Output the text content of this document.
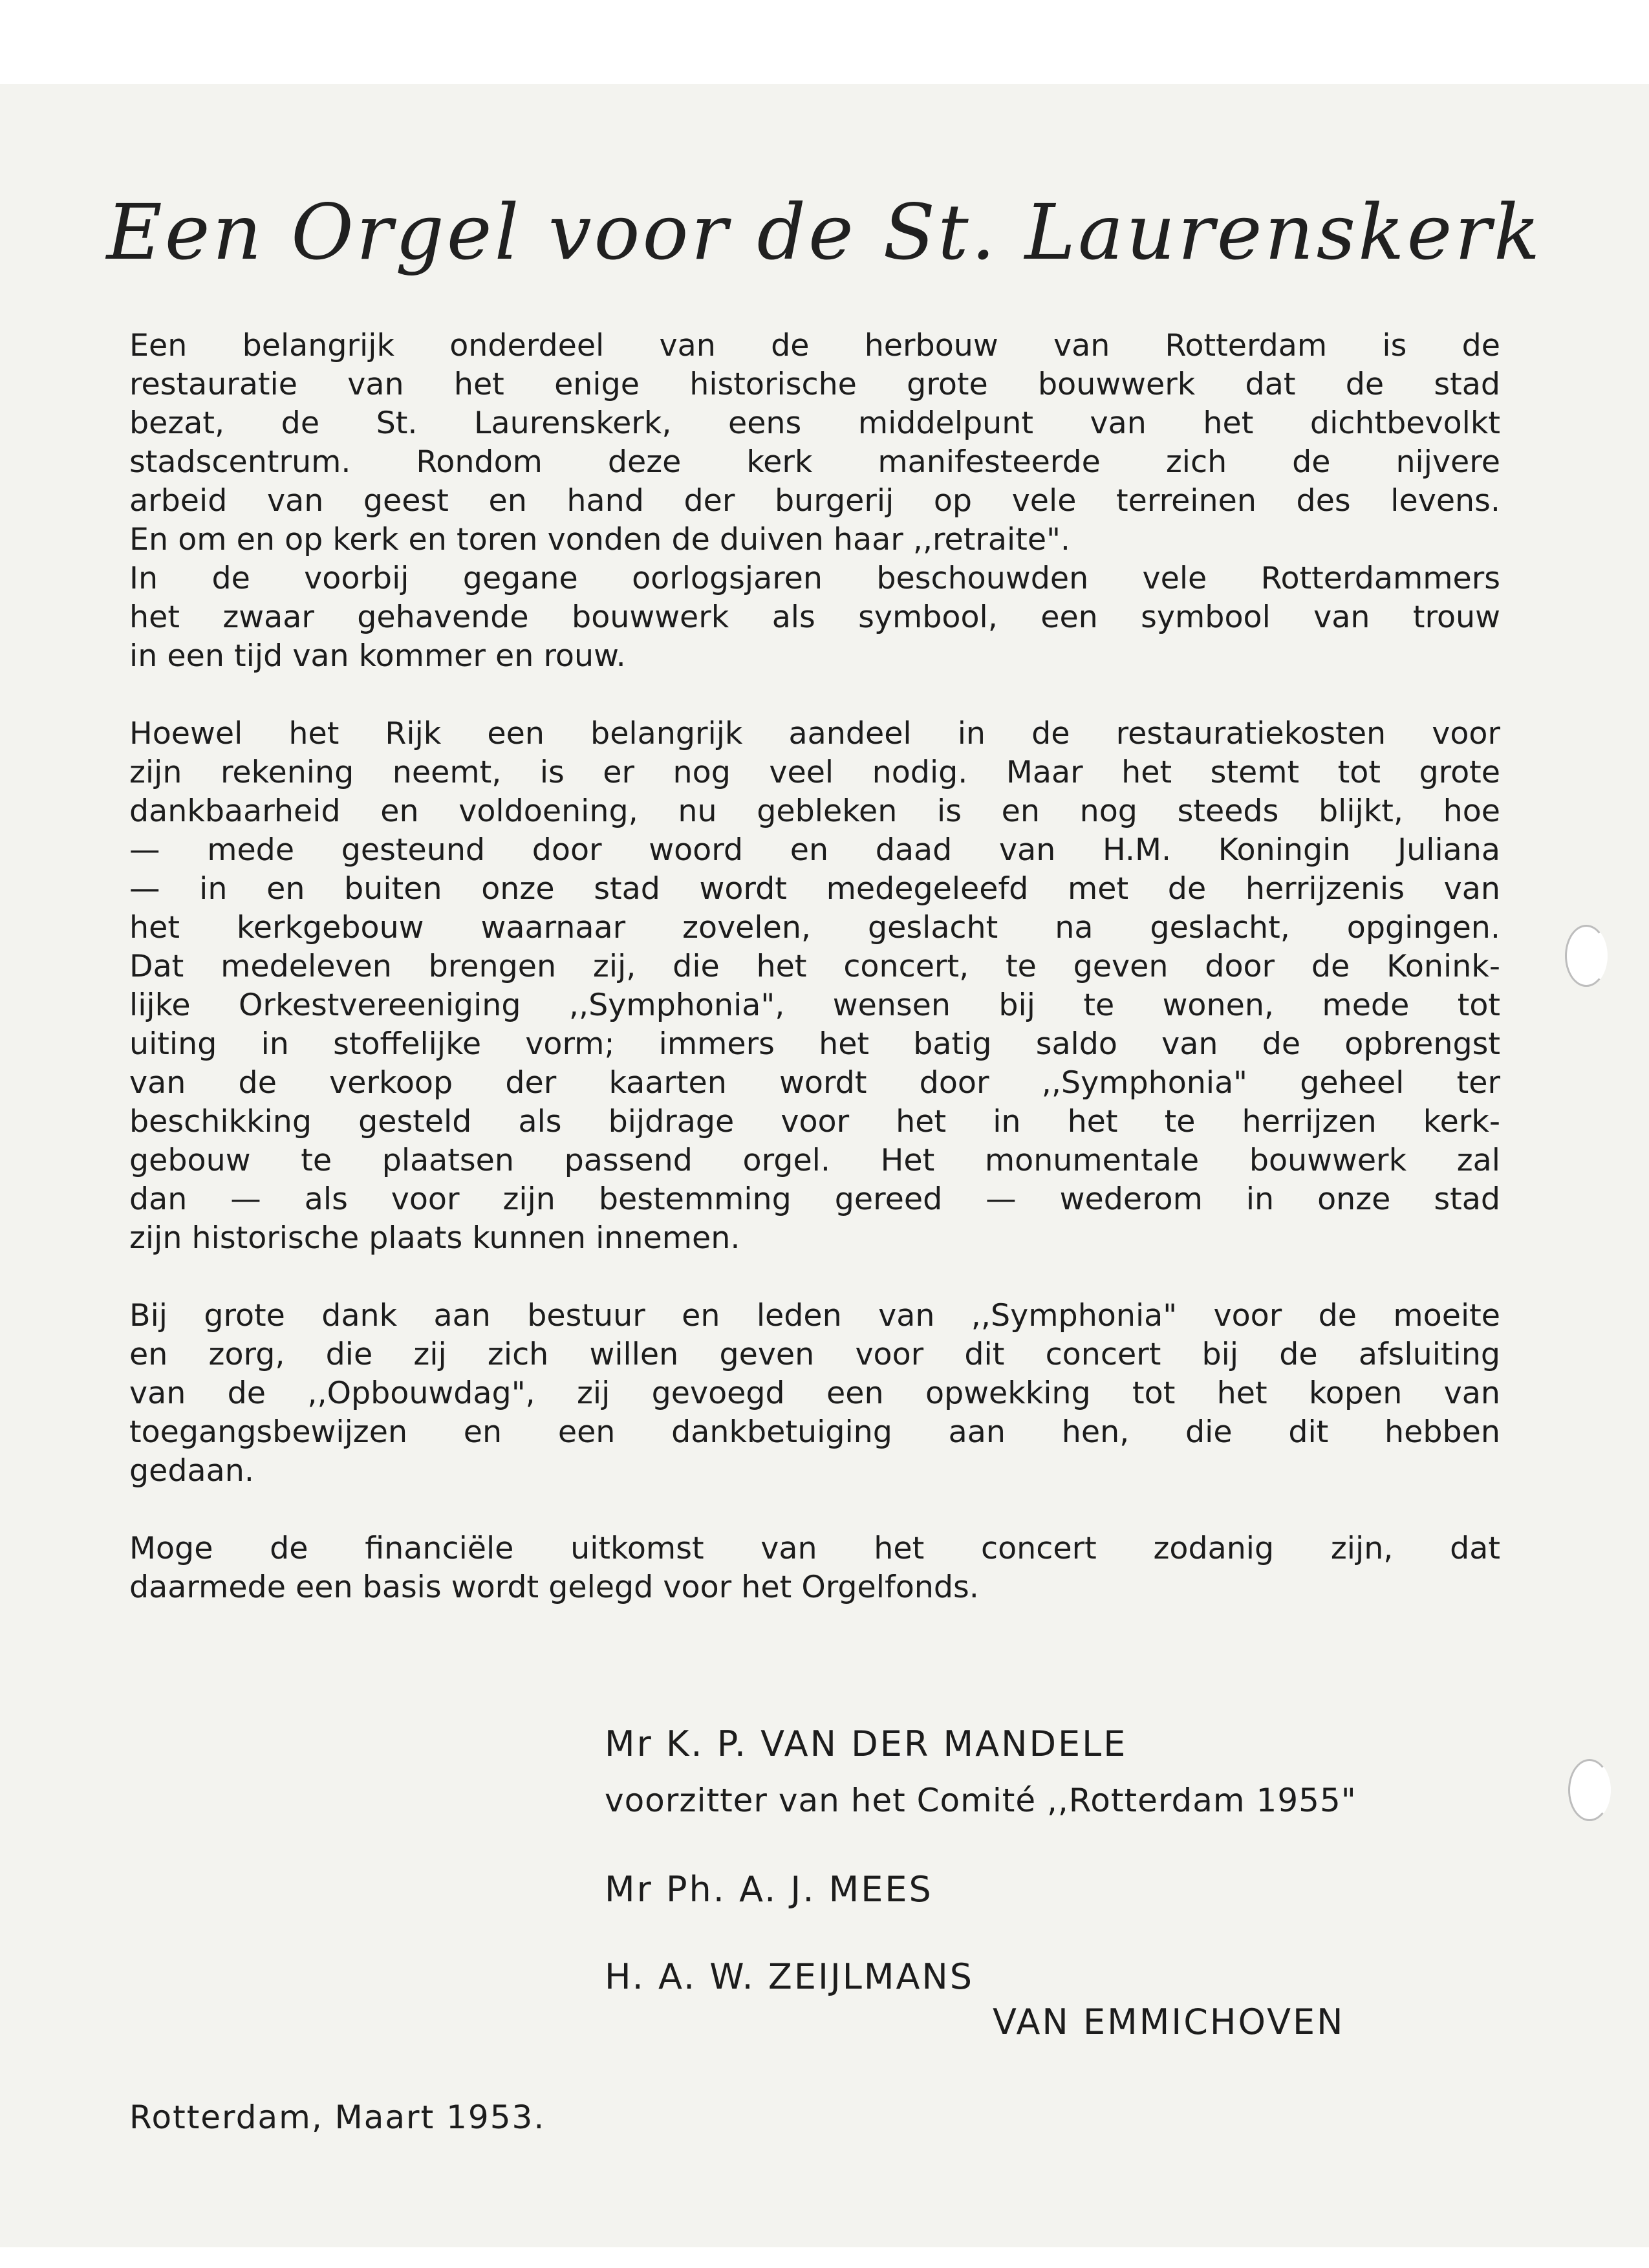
Een Orgel voor de St. Laurenskerk
Een belangrijk onderdeel van de herbouw van Rotterdam is de
restauratie van het enige historische grote bouwwerk dat de stad
bezat, de St. Laurenskerk, eens middelpunt van het dichtbevolkt
stadscentrum. Rondom deze kerk manifesteerde zich de nijvere
arbeid van geest en hand der burgerij op vele terreinen des levens.
En om en op kerk en toren vonden de duiven haar ,,retraite".
In de voorbij gegane oorlogsjaren beschouwden vele Rotterdammers
het zwaar gehavende bouwwerk als symbool, een symbool van trouw
in een tijd van kommer en rouw.
Hoewel het Rijk een belangrijk aandeel in de restauratiekosten voor
zijn rekening neemt, is er nog veel nodig. Maar het stemt tot grote
dankbaarheid en voldoening, nu gebleken is en nog steeds blijkt, hoe
— mede gesteund door woord en daad van H.M. Koningin Juliana
— in en buiten onze stad wordt medegeleefd met de herrijzenis van
het kerkgebouw waarnaar zovelen, geslacht na geslacht, opgingen.
Dat medeleven brengen zij, die het concert, te geven door de Konink-
lijke Orkestvereeniging ,,Symphonia", wensen bij te wonen, mede tot
uiting in stoffelijke vorm; immers het batig saldo van de opbrengst
van de verkoop der kaarten wordt door ,,Symphonia" geheel ter
beschikking gesteld als bijdrage voor het in het te herrijzen kerk-
gebouw te plaatsen passend orgel. Het monumentale bouwwerk zal
dan — als voor zijn bestemming gereed — wederom in onze stad
zijn historische plaats kunnen innemen.
Bij grote dank aan bestuur en leden van ,,Symphonia" voor de moeite
en zorg, die zij zich willen geven voor dit concert bij de afsluiting
van de ,,Opbouwdag", zij gevoegd een opwekking tot het kopen van
toegangsbewijzen en een dankbetuiging aan hen, die dit hebben
gedaan.
Moge de financiële uitkomst van het concert zodanig zijn, dat
daarmede een basis wordt gelegd voor het Orgelfonds.
Mr K. P. VAN DER MANDELE
voorzitter van het Comité ,,Rotterdam 1955"
Mr Ph. A. J. MEES
H. A. W. ZEIJLMANS
VAN EMMICHOVEN
Rotterdam, Maart 1953.
